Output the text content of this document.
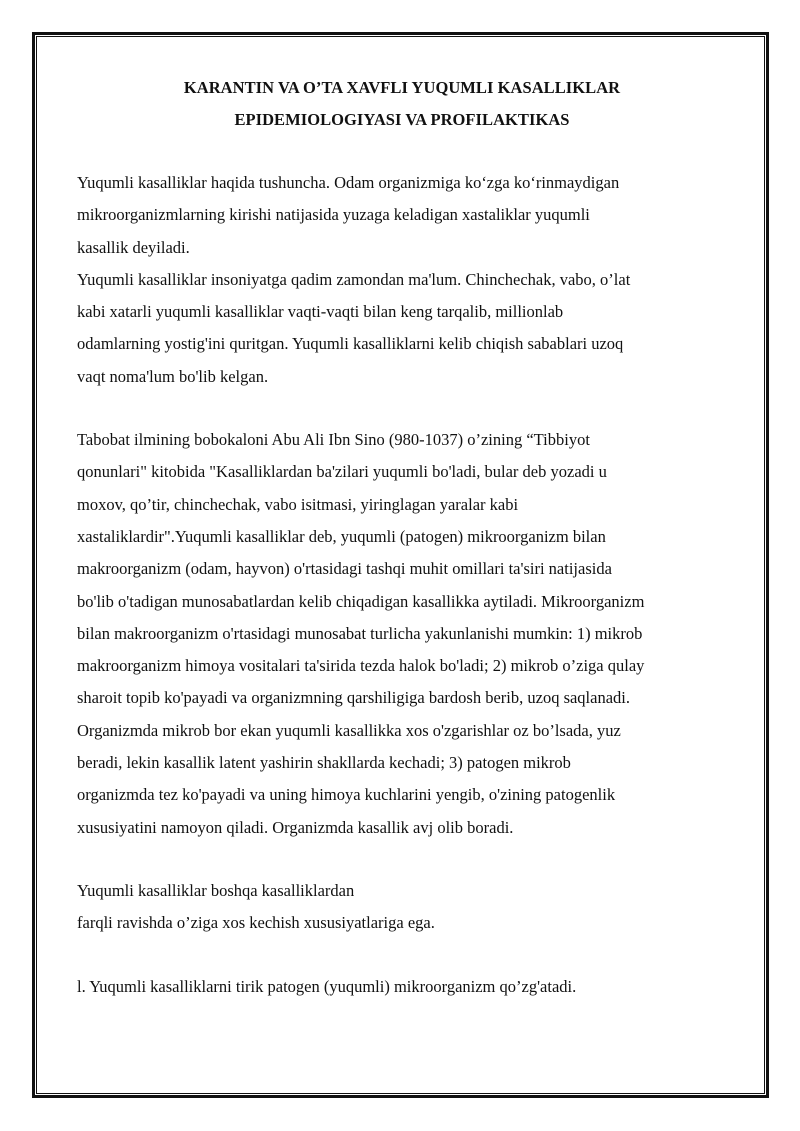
KARANTIN VA O’TA XAVFLI YUQUMLI KASALLIKLAR
EPIDEMIOLOGIYASI VA PROFILAKTIKAS

Yuqumli kasalliklar haqida tushuncha. Odam organizmiga ko‘zga ko‘rinmaydigan
mikroorganizmlarning kirishi natijasida yuzaga keladigan xastaliklar yuqumli
kasallik deyiladi.

Yuqumli kasalliklar insoniyatga qadim zamondan ma'lum. Chinchechak, vabo, o’lat
kabi xatarli yuqumli kasalliklar vaqti-vaqti bilan keng tarqalib, millionlab
odamlarning yostig'ini quritgan. Yuqumli kasalliklarni kelib chiqish sabablari uzoq
vaqt noma'lum bo'lib kelgan.

Tabobat ilmining bobokaloni Abu Ali Ibn Sino (980-1037) o’zining “Tibbiyot
qonunlari" kitobida "Kasalliklardan ba'zilari yuqumli bo'ladi, bular deb yozadi u
moxov, qo’tir, chinchechak, vabo isitmasi, yiringlagan yaralar kabi
xastaliklardir".Yuqumli kasalliklar deb, yuqumli (patogen) mikroorganizm bilan
makroorganizm (odam, hayvon) o'rtasidagi tashqi muhit omillari ta'siri natijasida
bo'lib o'tadigan munosabatlardan kelib chiqadigan kasallikka aytiladi. Mikroorganizm
bilan makroorganizm o'rtasidagi munosabat turlicha yakunlanishi mumkin: 1) mikrob
makroorganizm himoya vositalari ta'sirida tezda halok bo'ladi; 2) mikrob o’ziga qulay
sharoit topib ko'payadi va organizmning qarshiligiga bardosh berib, uzoq saqlanadi.
Organizmda mikrob bor ekan yuqumli kasallikka xos o'zgarishlar oz bo’lsada, yuz
beradi, lekin kasallik latent yashirin shakllarda kechadi; 3) patogen mikrob
organizmda tez ko'payadi va uning himoya kuchlarini yengib, o'zining patogenlik
xususiyatini namoyon qiladi. Organizmda kasallik avj olib boradi.

Yuqumli kasalliklar boshqa kasalliklardan
farqli ravishda o’ziga xos kechish xususiyatlariga ega.

l. Yuqumli kasalliklarni tirik patogen (yuqumli) mikroorganizm qo’zg'atadi.
